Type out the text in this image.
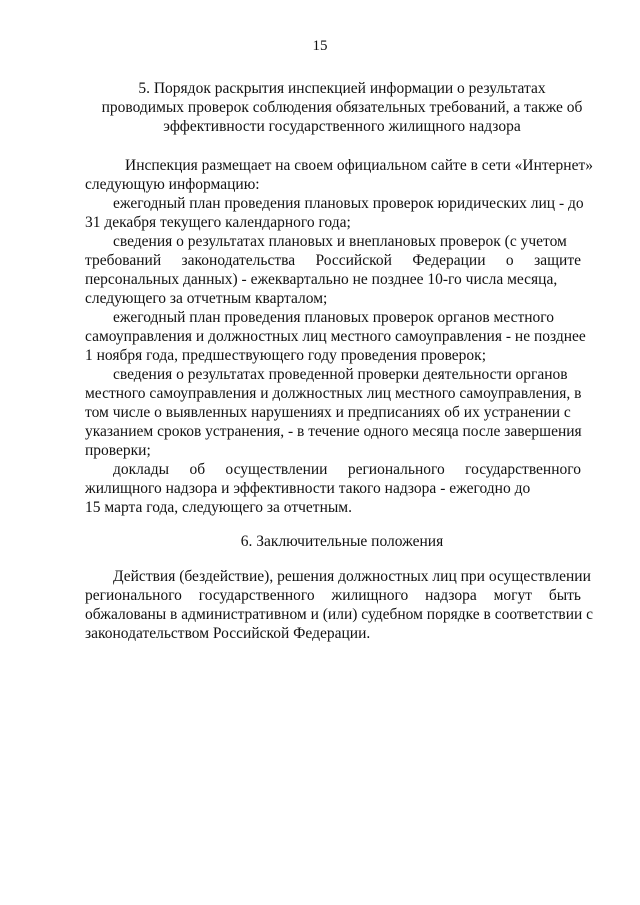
15
5. Порядок раскрытия инспекцией информации о результатах
проводимых проверок соблюдения обязательных требований, а также об
эффективности государственного жилищного надзора
Инспекция размещает на своем официальном сайте в сети «Интернет»
следующую информацию:
ежегодный план проведения плановых проверок юридических лиц - до
31 декабря текущего календарного года;
сведения о результатах плановых и внеплановых проверок (с учетом
требований законодательства Российской Федерации о защите
персональных данных) - ежеквартально не позднее 10-го числа месяца,
следующего за отчетным кварталом;
ежегодный план проведения плановых проверок органов местного
самоуправления и должностных лиц местного самоуправления - не позднее
1 ноября года, предшествующего году проведения проверок;
сведения о результатах проведенной проверки деятельности органов
местного самоуправления и должностных лиц местного самоуправления, в
том числе о выявленных нарушениях и предписаниях об их устранении с
указанием сроков устранения, - в течение одного месяца после завершения
проверки;
доклады об осуществлении регионального государственного
жилищного надзора и эффективности такого надзора - ежегодно до
15 марта года, следующего за отчетным.
6. Заключительные положения
Действия (бездействие), решения должностных лиц при осуществлении
регионального государственного жилищного надзора могут быть
обжалованы в административном и (или) судебном порядке в соответствии с
законодательством Российской Федерации.
